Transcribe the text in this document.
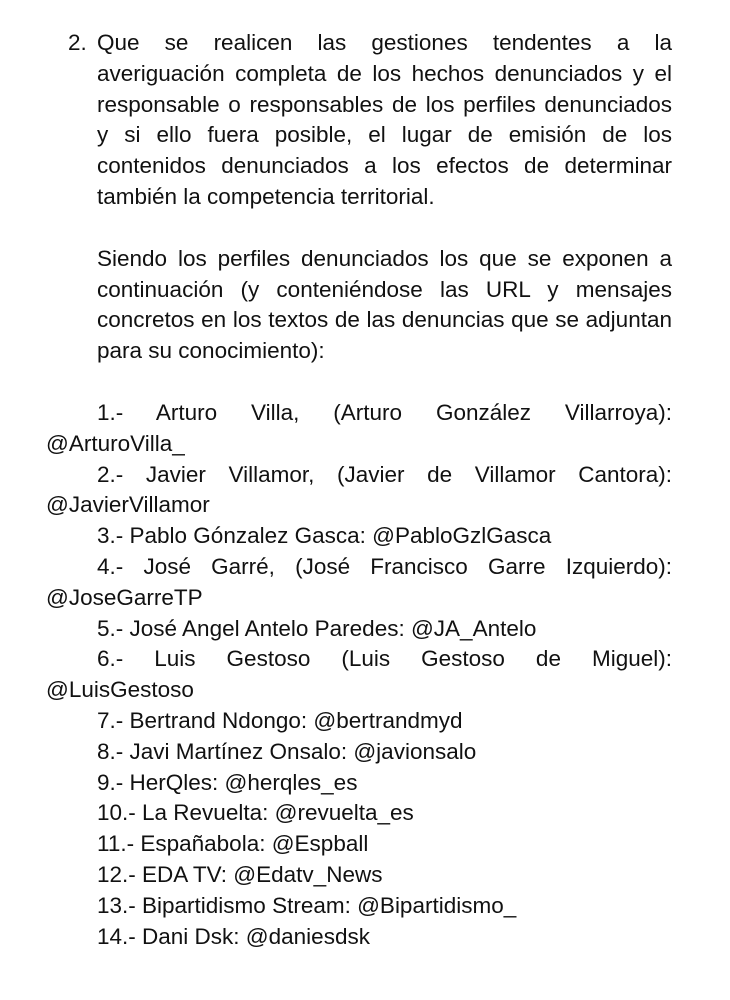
2. Que se realicen las gestiones tendentes a la averiguación completa de los hechos denunciados y el responsable o responsables de los perfiles denunciados y si ello fuera posible, el lugar de emisión de los contenidos denunciados a los efectos de determinar también la competencia territorial.
Siendo los perfiles denunciados los que se exponen a continuación (y conteniéndose las URL y mensajes concretos en los textos de las denuncias que se adjuntan para su conocimiento):
1.- Arturo Villa, (Arturo González Villarroya): @ArturoVilla_
2.- Javier Villamor, (Javier de Villamor Cantora): @JavierVillamor
3.- Pablo Gónzalez Gasca: @PabloGzlGasca
4.- José Garré, (José Francisco Garre Izquierdo): @JoseGarreTP
5.- José Angel Antelo Paredes: @JA_Antelo
6.- Luis Gestoso (Luis Gestoso de Miguel): @LuisGestoso
7.- Bertrand Ndongo: @bertrandmyd
8.- Javi Martínez Onsalo: @javionsalo
9.- HerQles: @herqles_es
10.- La Revuelta: @revuelta_es
11.- Españabola: @Espball
12.- EDA TV: @Edatv_News
13.- Bipartidismo Stream: @Bipartidismo_
14.- Dani Dsk: @daniesdsk
